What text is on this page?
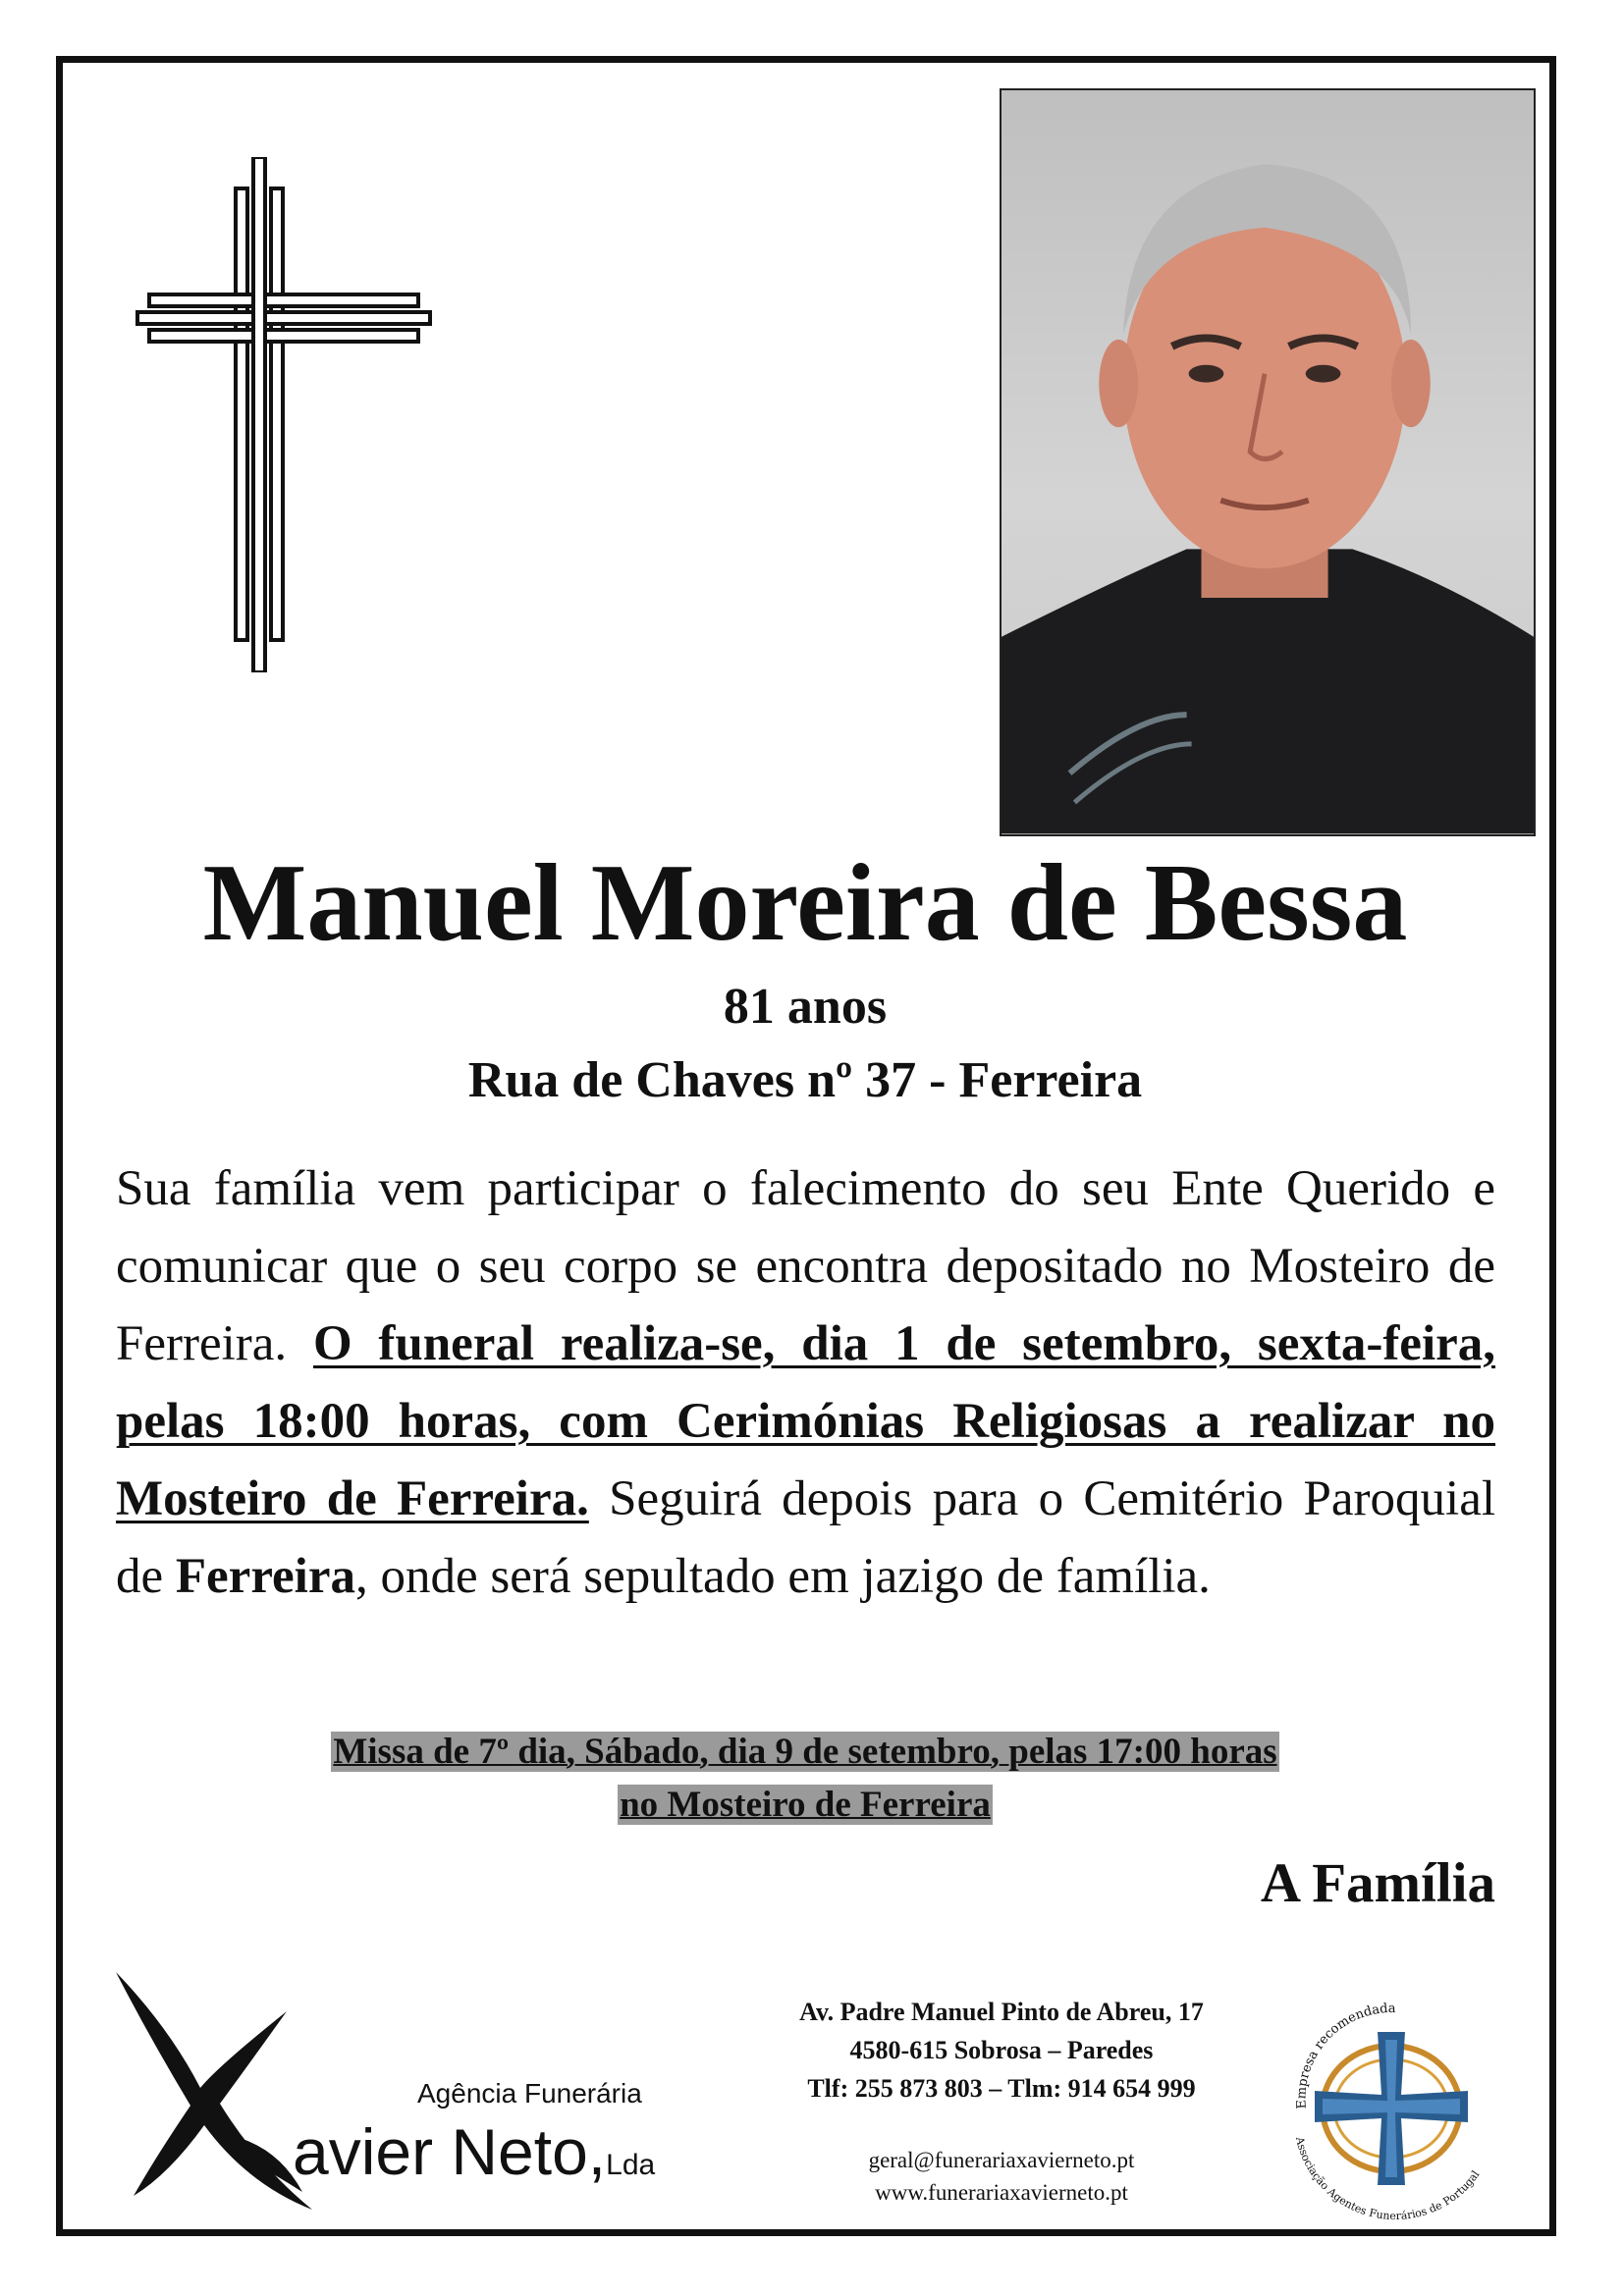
Manuel Moreira de Bessa
81 anos
Rua de Chaves nº 37 - Ferreira
Sua família vem participar o falecimento do seu Ente Querido e comunicar que o seu corpo se encontra depositado no Mosteiro de Ferreira. O funeral realiza-se, dia 1 de setembro, sexta-feira, pelas 18:00 horas, com Cerimónias Religiosas a realizar no Mosteiro de Ferreira. Seguirá depois para o Cemitério Paroquial de Ferreira, onde será sepultado em jazigo de família.
Missa de 7º dia, Sábado, dia 9 de setembro, pelas 17:00 horas
no Mosteiro de Ferreira
A Família
Agência Funerária
avier Neto,Lda
Av. Padre Manuel Pinto de Abreu, 17
4580-615 Sobrosa – Paredes
Tlf: 255 873 803 – Tlm: 914 654 999
geral@funerariaxavierneto.pt
www.funerariaxavierneto.pt
Empresa recomendada
Associação Agentes Funerários de Portugal
